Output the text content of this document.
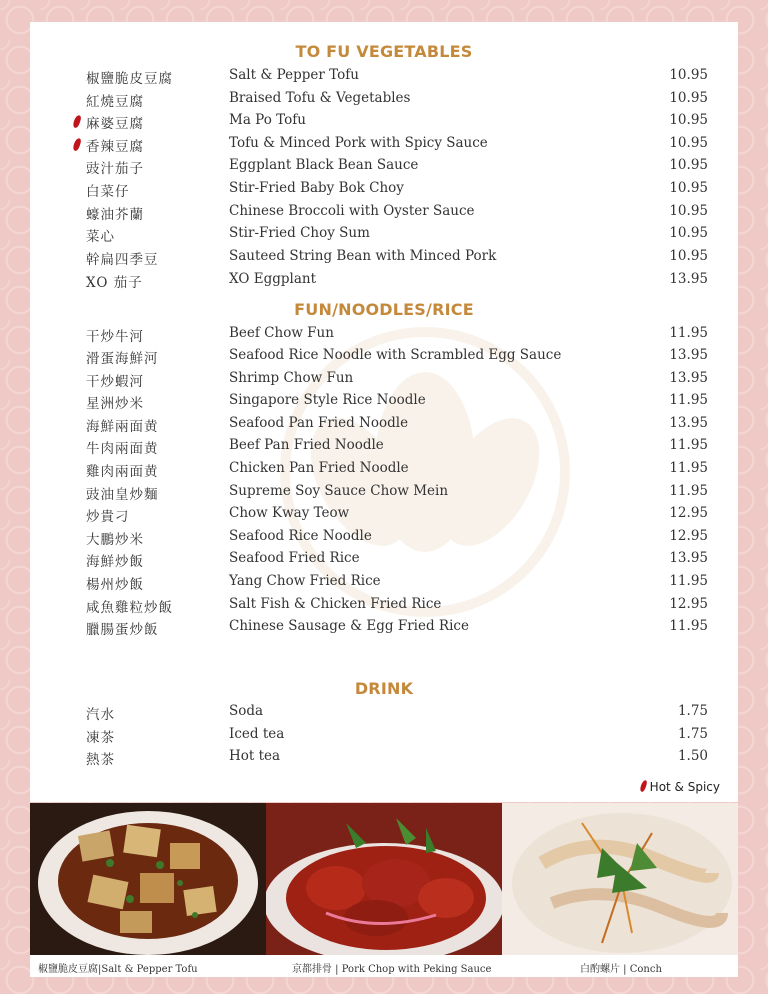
TO FU VEGETABLES
椒鹽脆皮豆腐	Salt & Pepper Tofu	10.95
紅燒豆腐	Braised Tofu & Vegetables	10.95
麻婆豆腐	Ma Po Tofu	10.95
香辣豆腐	Tofu & Minced Pork with Spicy Sauce	10.95
豉汁茄子	Eggplant Black Bean Sauce	10.95
白菜仔	Stir-Fried Baby Bok Choy	10.95
蠔油芥蘭	Chinese Broccoli with Oyster Sauce	10.95
菜心	Stir-Fried Choy Sum	10.95
幹扁四季豆	Sauteed String Bean with Minced Pork	10.95
XO 茄子	XO Eggplant	13.95
FUN/NOODLES/RICE
干炒牛河	Beef Chow Fun	11.95
滑蛋海鮮河	Seafood Rice Noodle with Scrambled Egg Sauce	13.95
干炒蝦河	Shrimp Chow Fun	13.95
星洲炒米	Singapore Style Rice Noodle	11.95
海鮮兩面黄	Seafood Pan Fried Noodle	13.95
牛肉兩面黄	Beef Pan Fried Noodle	11.95
雞肉兩面黄	Chicken Pan Fried Noodle	11.95
豉油皇炒麵	Supreme Soy Sauce Chow Mein	11.95
炒貴刁	Chow Kway Teow	12.95
大鵬炒米	Seafood Rice Noodle	12.95
海鮮炒飯	Seafood Fried Rice	13.95
楊州炒飯	Yang Chow Fried Rice	11.95
咸魚雞粒炒飯	Salt Fish & Chicken Fried Rice	12.95
臘腸蛋炒飯	Chinese Sausage & Egg Fried Rice	11.95
DRINK
汽水	Soda	1.75
凍茶	Iced tea	1.75
熱茶	Hot tea	1.50
Hot & Spicy
椒鹽脆皮豆腐|Salt & Pepper Tofu	京都排骨 | Pork Chop with Peking Sauce	白酌螺片 | Conch
